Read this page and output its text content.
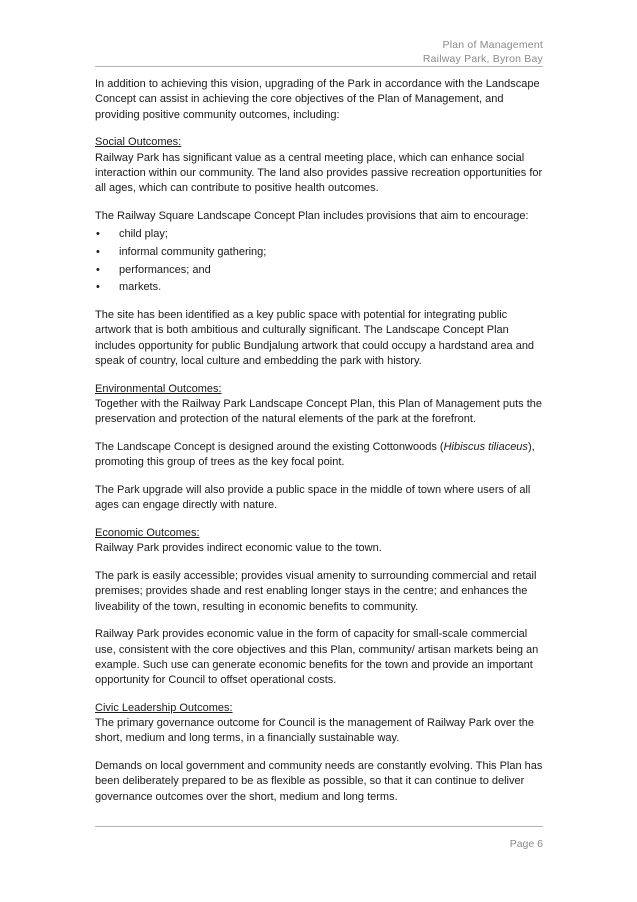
Plan of Management
Railway Park, Byron Bay

In addition to achieving this vision, upgrading of the Park in accordance with the Landscape Concept can assist in achieving the core objectives of the Plan of Management, and providing positive community outcomes, including:

Social Outcomes:

Railway Park has significant value as a central meeting place, which can enhance social interaction within our community. The land also provides passive recreation opportunities for all ages, which can contribute to positive health outcomes.

The Railway Square Landscape Concept Plan includes provisions that aim to encourage:

• child play;
• informal community gathering;
• performances; and
• markets.

The site has been identified as a key public space with potential for integrating public artwork that is both ambitious and culturally significant. The Landscape Concept Plan includes opportunity for public Bundjalung artwork that could occupy a hardstand area and speak of country, local culture and embedding the park with history.

Environmental Outcomes:

Together with the Railway Park Landscape Concept Plan, this Plan of Management puts the preservation and protection of the natural elements of the park at the forefront.

The Landscape Concept is designed around the existing Cottonwoods (Hibiscus tiliaceus), promoting this group of trees as the key focal point.

The Park upgrade will also provide a public space in the middle of town where users of all ages can engage directly with nature.

Economic Outcomes:

Railway Park provides indirect economic value to the town.

The park is easily accessible; provides visual amenity to surrounding commercial and retail premises; provides shade and rest enabling longer stays in the centre; and enhances the liveability of the town, resulting in economic benefits to community.

Railway Park provides economic value in the form of capacity for small-scale commercial use, consistent with the core objectives and this Plan, community/ artisan markets being an example. Such use can generate economic benefits for the town and provide an important opportunity for Council to offset operational costs.

Civic Leadership Outcomes:

The primary governance outcome for Council is the management of Railway Park over the short, medium and long terms, in a financially sustainable way.

Demands on local government and community needs are constantly evolving. This Plan has been deliberately prepared to be as flexible as possible, so that it can continue to deliver governance outcomes over the short, medium and long terms.

Page 6
